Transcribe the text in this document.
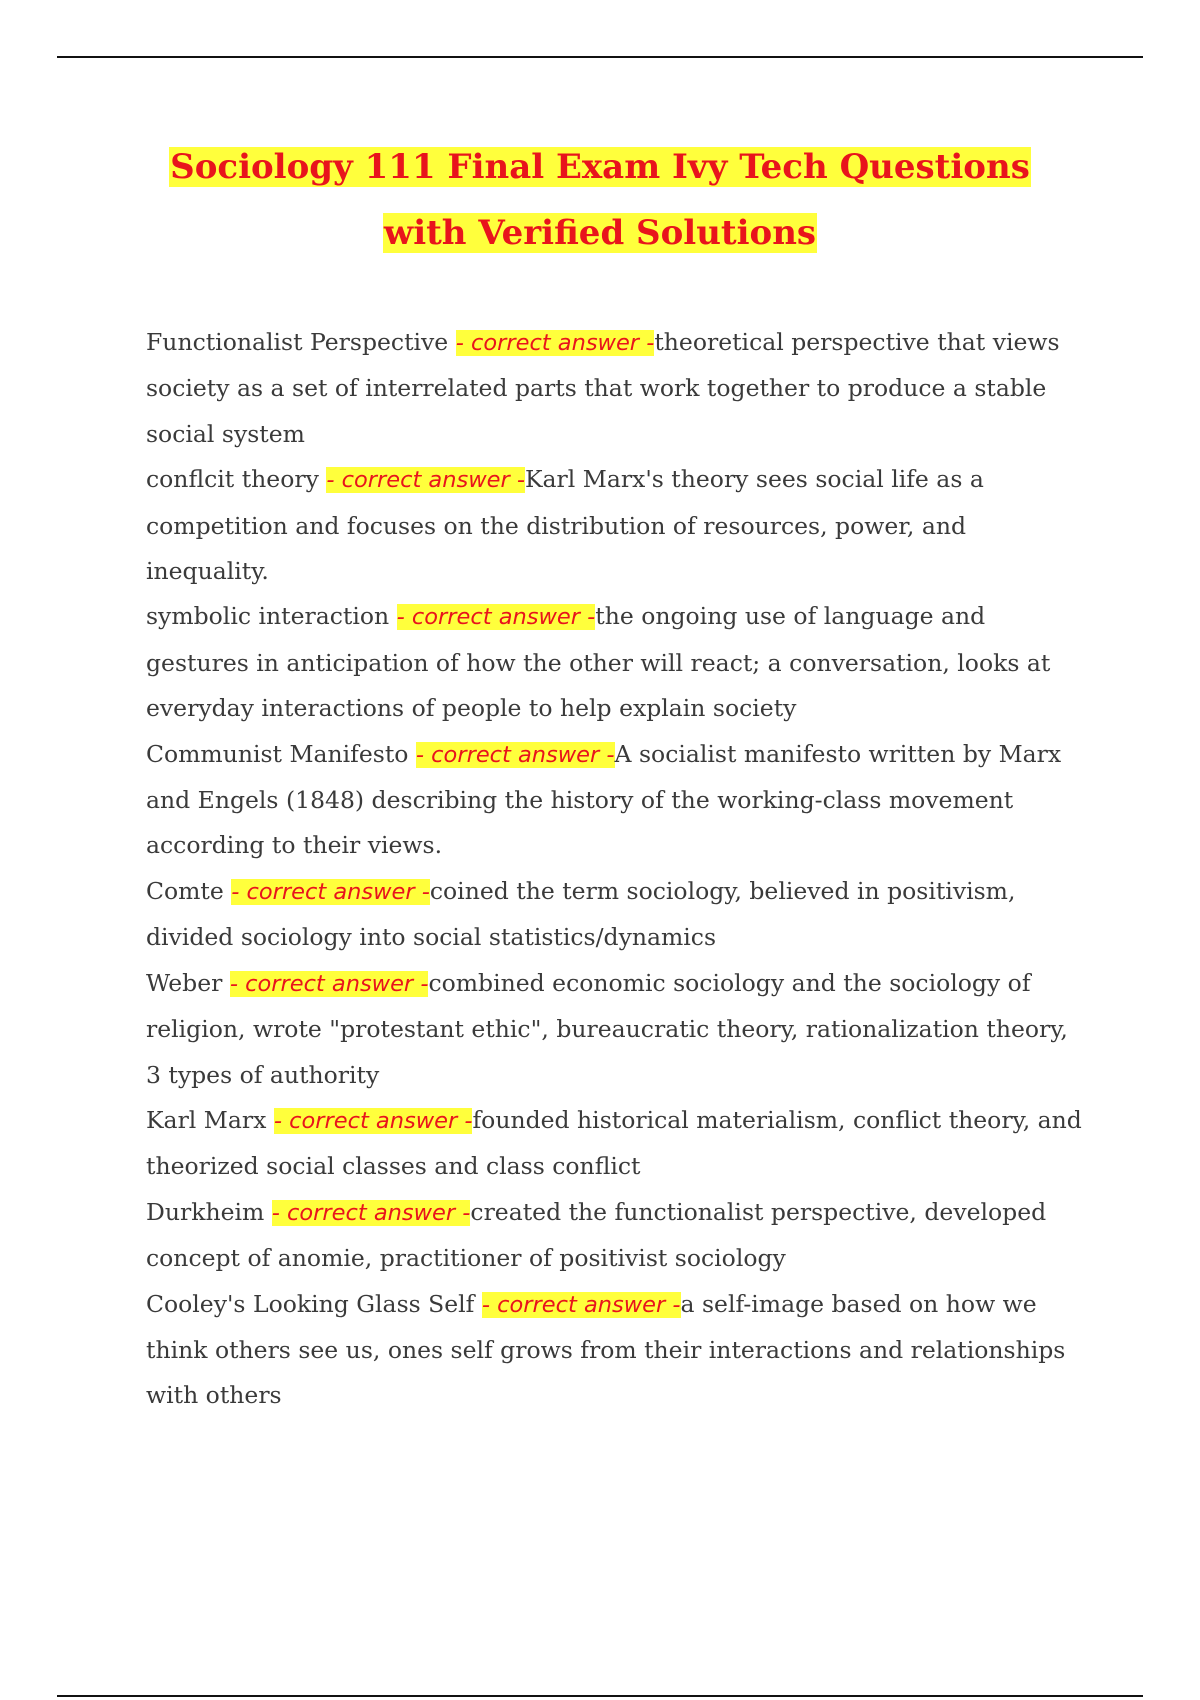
Sociology 111 Final Exam Ivy Tech Questions
with Verified Solutions

Functionalist Perspective - correct answer -theoretical perspective that views society as a set of interrelated parts that work together to produce a stable social system

conflcit theory - correct answer -Karl Marx's theory sees social life as a competition and focuses on the distribution of resources, power, and inequality.

symbolic interaction - correct answer -the ongoing use of language and gestures in anticipation of how the other will react; a conversation, looks at everyday interactions of people to help explain society

Communist Manifesto - correct answer -A socialist manifesto written by Marx and Engels (1848) describing the history of the working-class movement according to their views.

Comte - correct answer -coined the term sociology, believed in positivism, divided sociology into social statistics/dynamics

Weber - correct answer -combined economic sociology and the sociology of religion, wrote "protestant ethic", bureaucratic theory, rationalization theory, 3 types of authority

Karl Marx - correct answer -founded historical materialism, conflict theory, and theorized social classes and class conflict

Durkheim - correct answer -created the functionalist perspective, developed concept of anomie, practitioner of positivist sociology

Cooley's Looking Glass Self - correct answer -a self-image based on how we think others see us, ones self grows from their interactions and relationships with others
